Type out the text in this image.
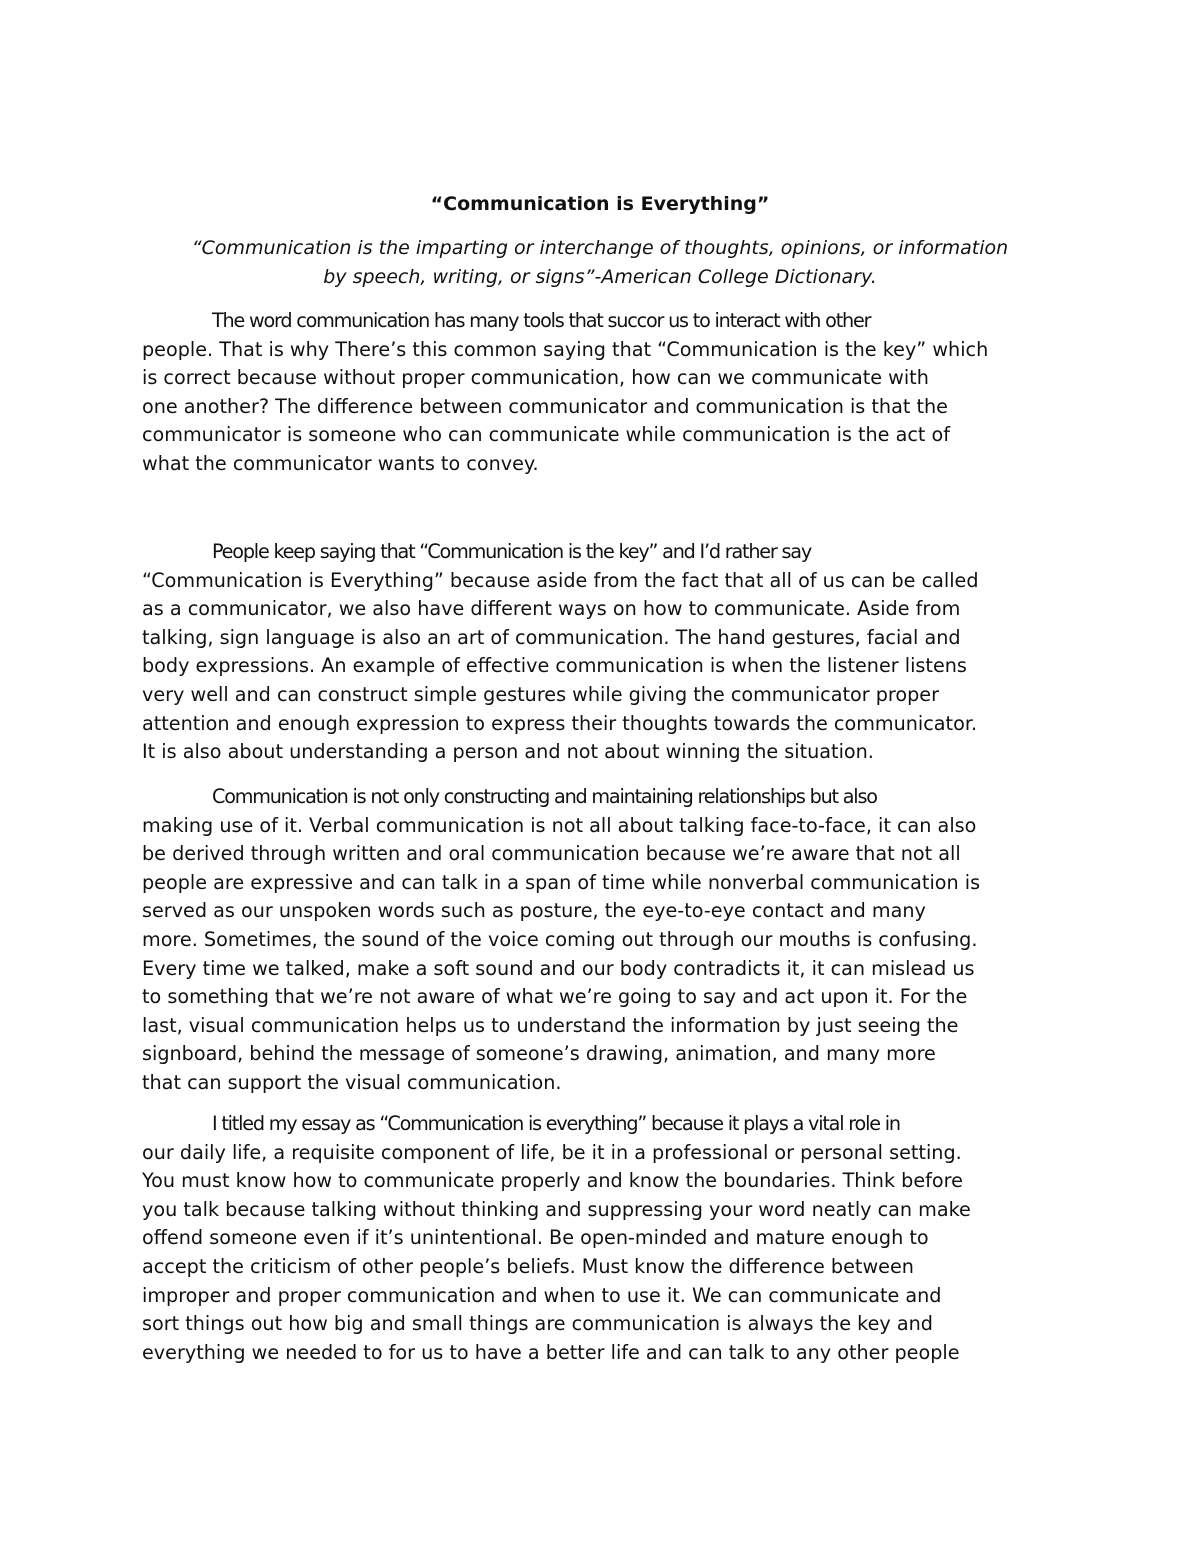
“Communication is Everything”

“Communication is the imparting or interchange of thoughts, opinions, or information
by speech, writing, or signs”-American College Dictionary.

The word communication has many tools that succor us to interact with other
people. That is why There’s this common saying that “Communication is the key” which
is correct because without proper communication, how can we communicate with
one another? The difference between communicator and communication is that the
communicator is someone who can communicate while communication is the act of
what the communicator wants to convey.

People keep saying that “Communication is the key” and I’d rather say
“Communication is Everything” because aside from the fact that all of us can be called
as a communicator, we also have different ways on how to communicate. Aside from
talking, sign language is also an art of communication. The hand gestures, facial and
body expressions. An example of effective communication is when the listener listens
very well and can construct simple gestures while giving the communicator proper
attention and enough expression to express their thoughts towards the communicator.
It is also about understanding a person and not about winning the situation.

Communication is not only constructing and maintaining relationships but also
making use of it. Verbal communication is not all about talking face-to-face, it can also
be derived through written and oral communication because we’re aware that not all
people are expressive and can talk in a span of time while nonverbal communication is
served as our unspoken words such as posture, the eye-to-eye contact and many
more. Sometimes, the sound of the voice coming out through our mouths is confusing.
Every time we talked, make a soft sound and our body contradicts it, it can mislead us
to something that we’re not aware of what we’re going to say and act upon it. For the
last, visual communication helps us to understand the information by just seeing the
signboard, behind the message of someone’s drawing, animation, and many more
that can support the visual communication.

I titled my essay as “Communication is everything” because it plays a vital role in
our daily life, a requisite component of life, be it in a professional or personal setting.
You must know how to communicate properly and know the boundaries. Think before
you talk because talking without thinking and suppressing your word neatly can make
offend someone even if it’s unintentional. Be open-minded and mature enough to
accept the criticism of other people’s beliefs. Must know the difference between
improper and proper communication and when to use it. We can communicate and
sort things out how big and small things are communication is always the key and
everything we needed to for us to have a better life and can talk to any other people
